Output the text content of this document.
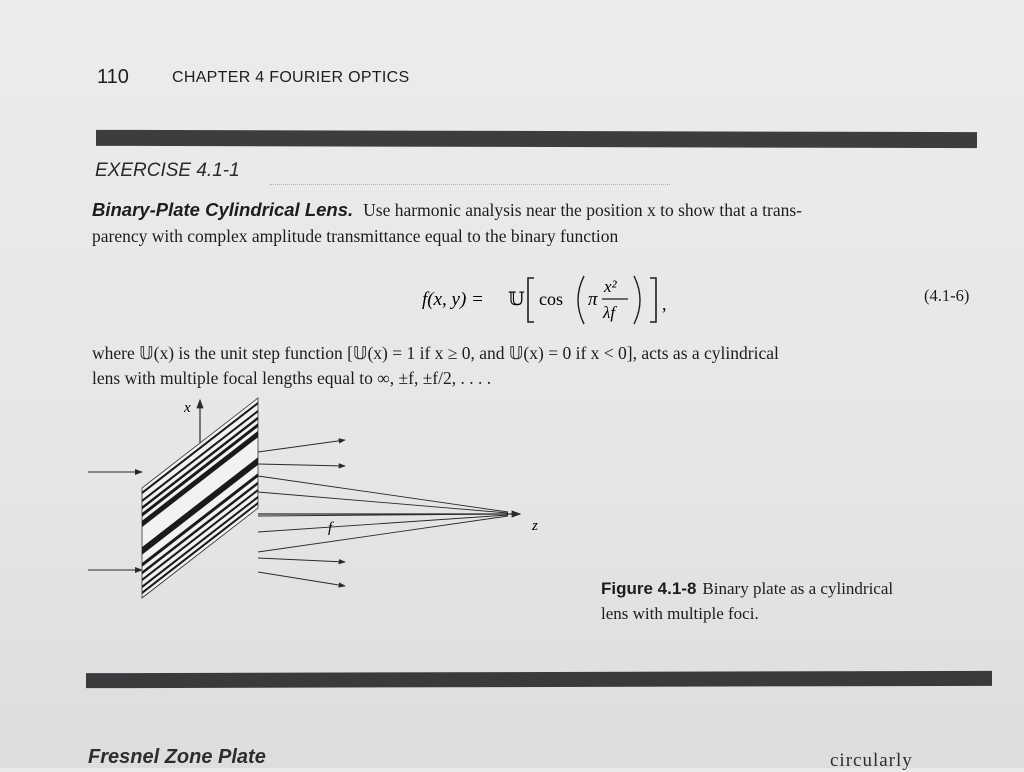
110	CHAPTER 4 FOURIER OPTICS
EXERCISE 4.1-1
Binary-Plate Cylindrical Lens. Use harmonic analysis near the position x to show that a trans-
parency with complex amplitude transmittance equal to the binary function
f(x, y) = 𝕌 cos π
x²
λf	,	(4.1-6)
where 𝕌(x) is the unit step function [𝕌(x) = 1 if x ≥ 0, and 𝕌(x) = 0 if x < 0], acts as a cylindrical
lens with multiple focal lengths equal to ∞, ±f, ±f/2, . . . .
x
z
f
Figure 4.1-8 Binary plate as a cylindrical
lens with multiple foci.
Fresnel Zone Plate	circularly
